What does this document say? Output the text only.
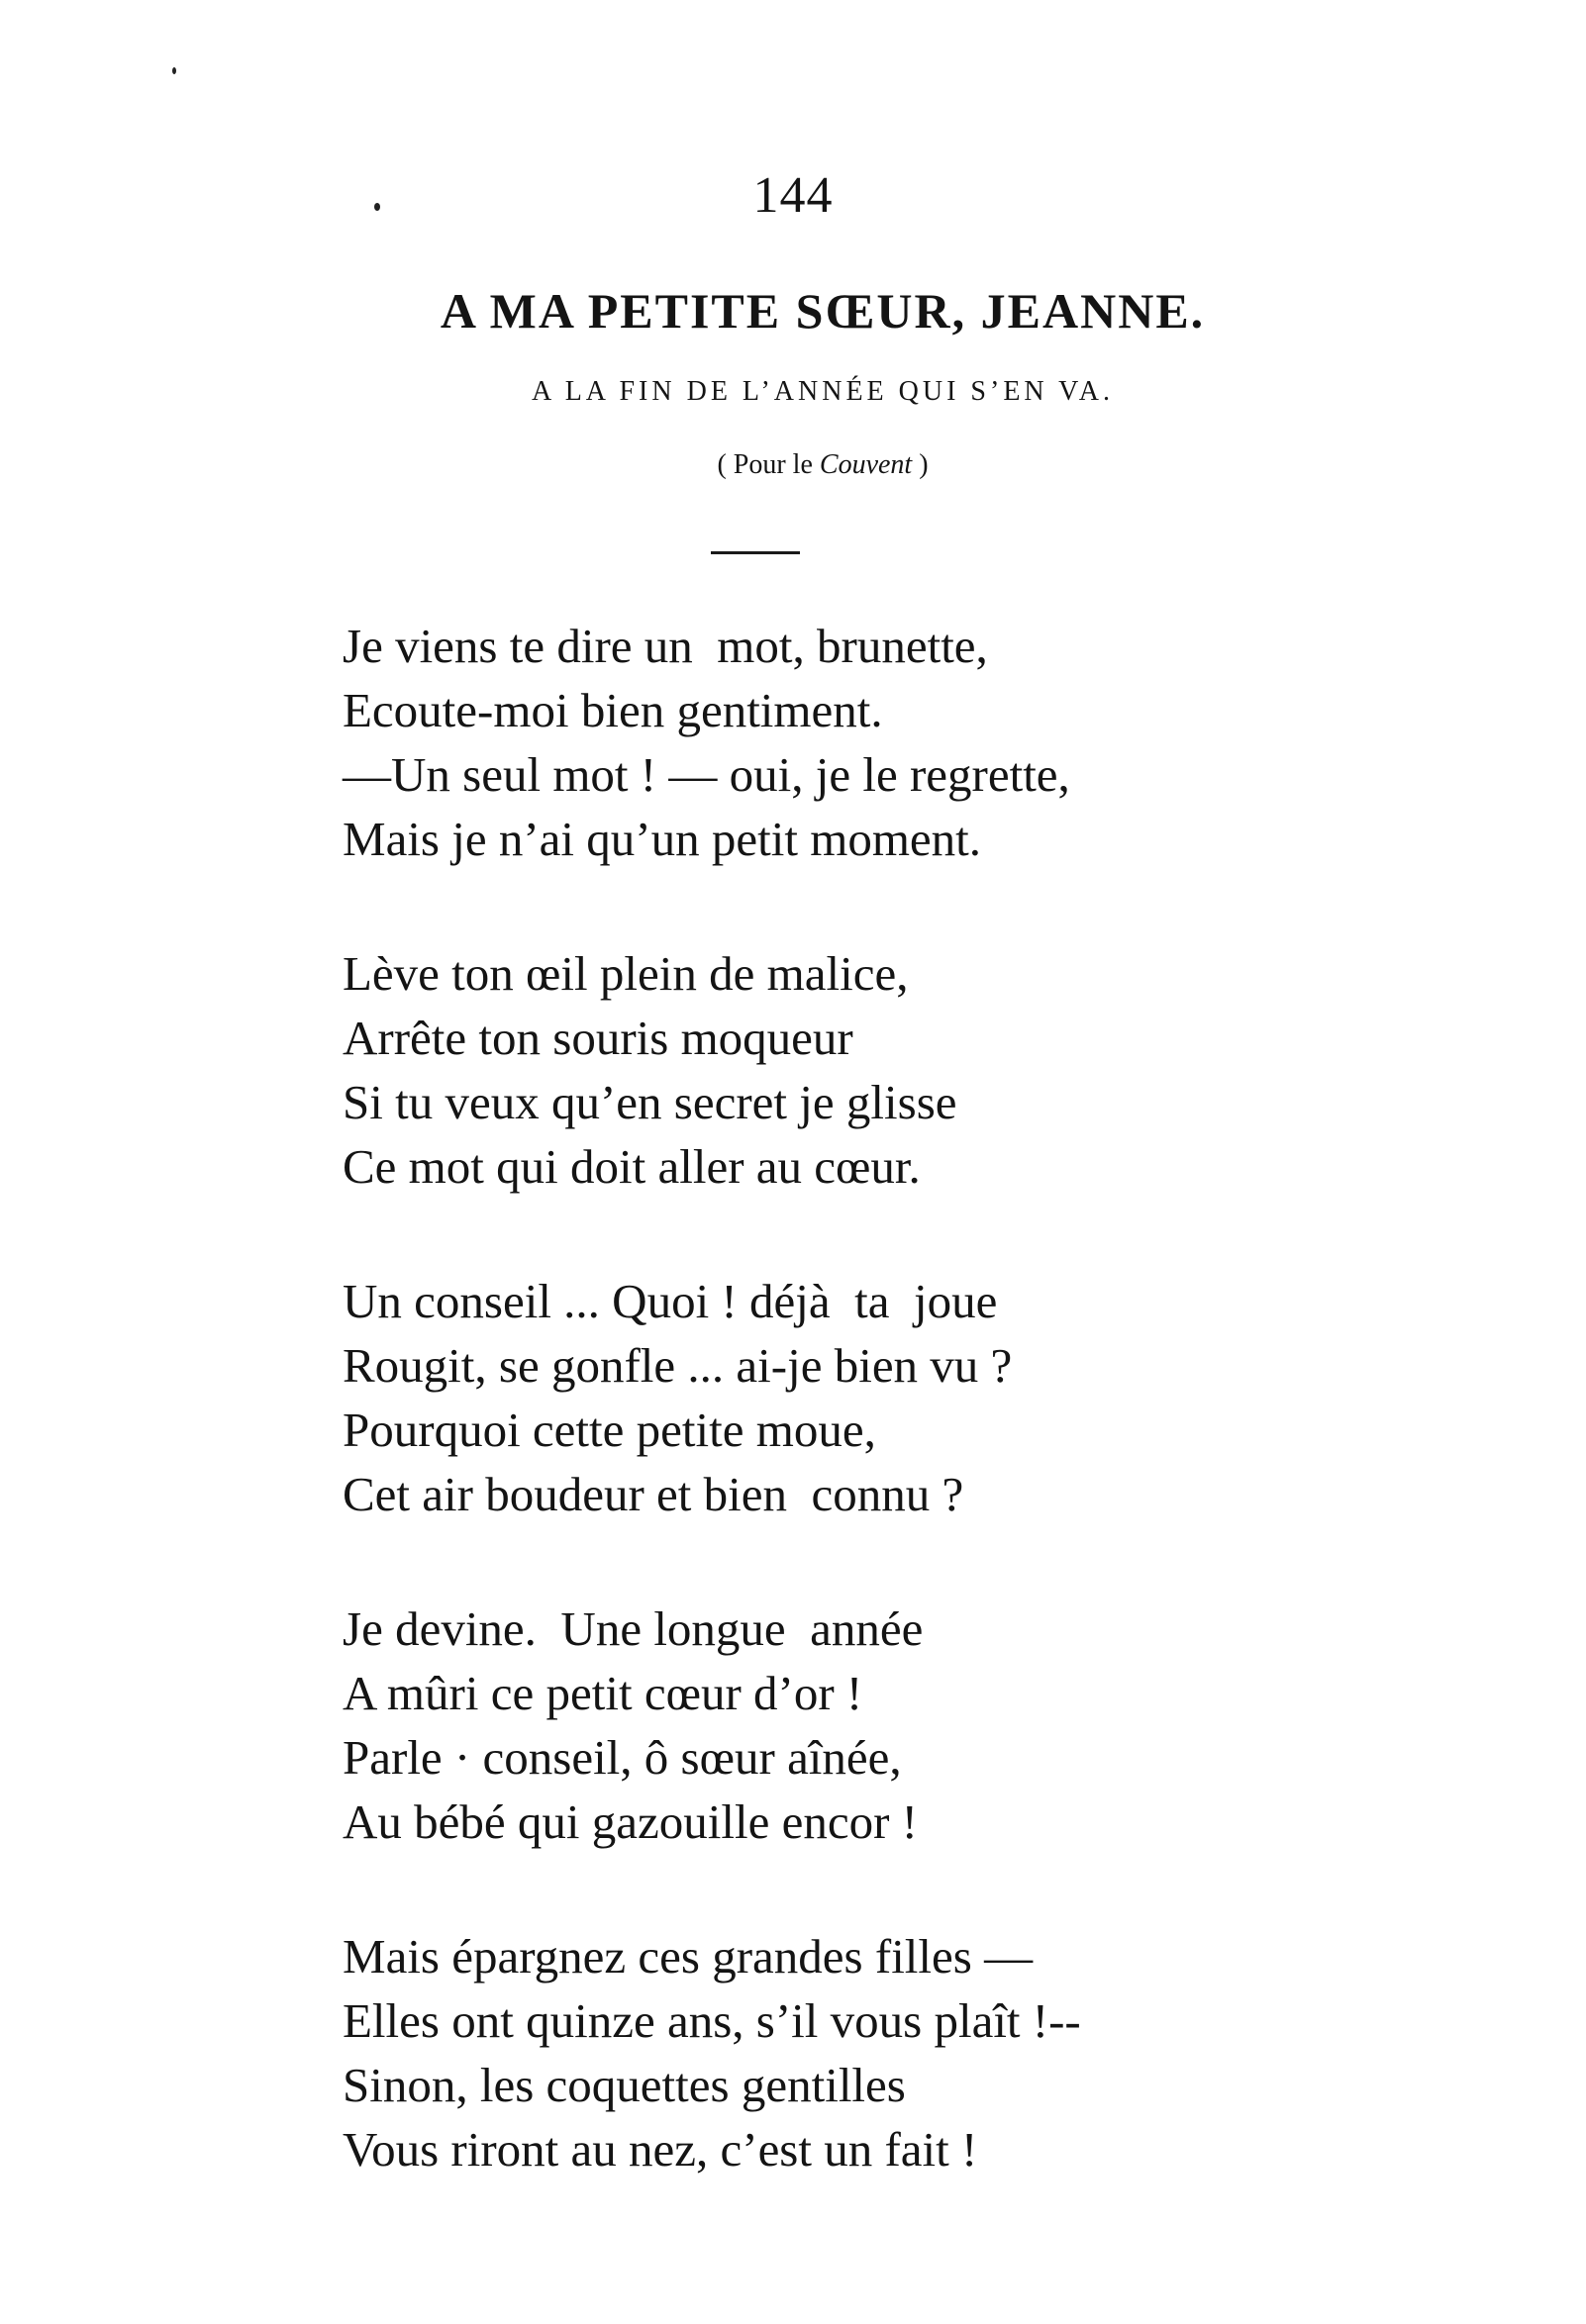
144
A MA PETITE SŒUR, JEANNE.
A LA FIN DE L’ANNÉE QUI S’EN VA.
( Pour le Couvent )
Je viens te dire un  mot, brunette,
Ecoute-moi bien gentiment.
—Un seul mot ! — oui, je le regrette,
Mais je n’ai qu’un petit moment.
Lève ton œil plein de malice,
Arrête ton souris moqueur
Si tu veux qu’en secret je glisse
Ce mot qui doit aller au cœur.
Un conseil ... Quoi ! déjà  ta  joue
Rougit, se gonfle ... ai-je bien vu ?
Pourquoi cette petite moue,
Cet air boudeur et bien  connu ?
Je devine.  Une longue  année
A mûri ce petit cœur d’or !
Parle · conseil, ô sœur aînée,
Au bébé qui gazouille encor !
Mais épargnez ces grandes filles —
Elles ont quinze ans, s’il vous plaît !--
Sinon, les coquettes gentilles
Vous riront au nez, c’est un fait !
